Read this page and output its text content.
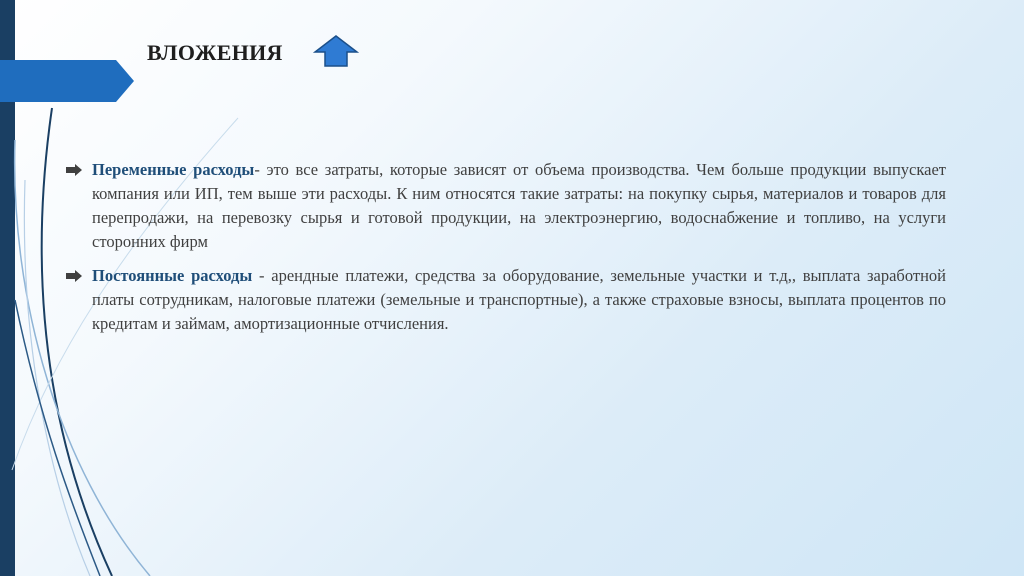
ВЛОЖЕНИЯ

Переменные расходы- это все затраты, которые зависят от объема производства. Чем больше продукции выпускает компания или ИП, тем выше эти расходы. К ним относятся такие затраты: на покупку сырья, материалов и товаров для перепродажи, на перевозку сырья и готовой продукции, на электроэнергию, водоснабжение и топливо, на услуги сторонних фирм

Постоянные расходы - арендные платежи, средства за оборудование, земельные участки и т.д,, выплата заработной платы сотрудникам, налоговые платежи (земельные и транспортные), а также страховые взносы, выплата процентов по кредитам и займам, амортизационные отчисления.
